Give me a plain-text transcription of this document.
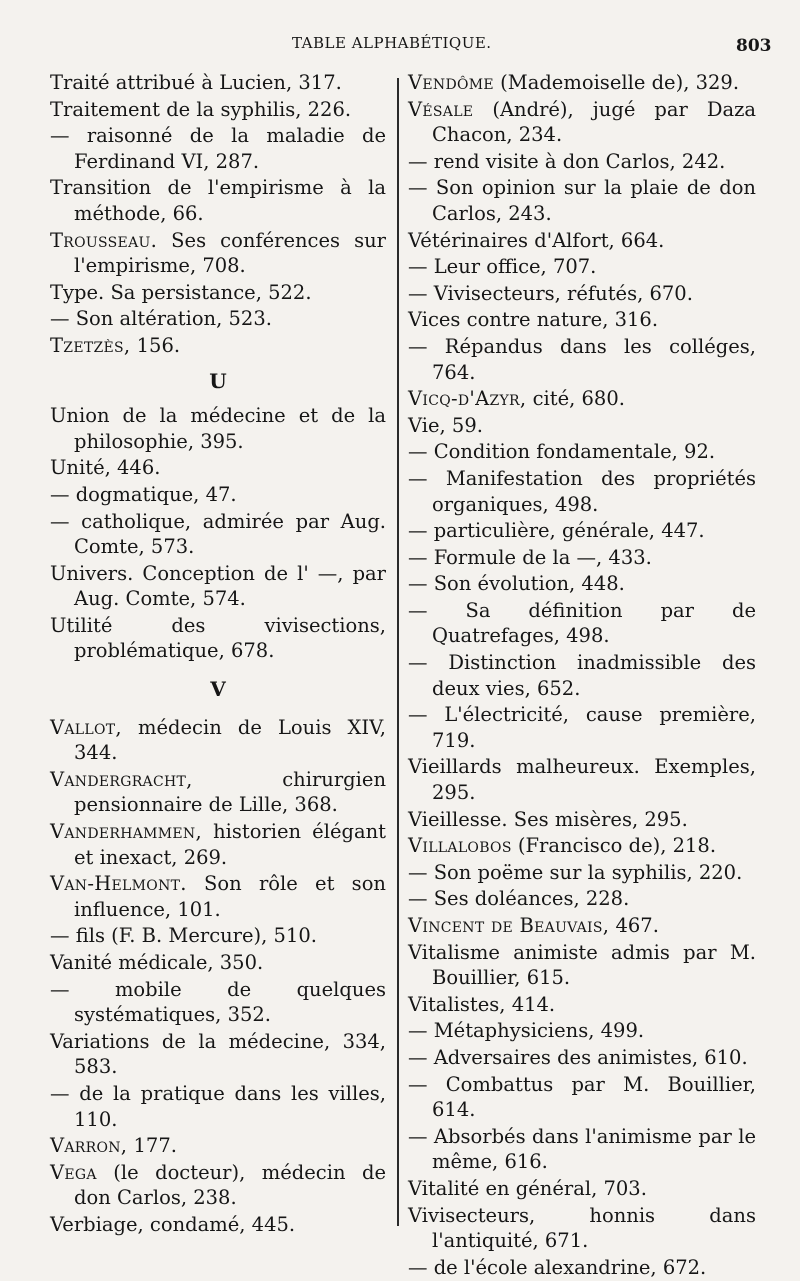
TABLE ALPHABÉTIQUE.	803

Traité attribué à Lucien, 317.

Traitement de la syphilis, 226.

— raisonné de la maladie de Ferdinand VI, 287.

Transition de l'empirisme à la méthode, 66.

Trousseau. Ses conférences sur l'empirisme, 708.

Type. Sa persistance, 522.

— Son altération, 523.

Tzetzès, 156.

U

Union de la médecine et de la philosophie, 395.

Unité, 446.

— dogmatique, 47.

— catholique, admirée par Aug. Comte, 573.

Univers. Conception de l' —, par Aug. Comte, 574.

Utilité des vivisections, problématique, 678.

V

Vallot, médecin de Louis XIV, 344.

Vandergracht, chirurgien pensionnaire de Lille, 368.

Vanderhammen, historien élégant et inexact, 269.

Van-Helmont. Son rôle et son influence, 101.

— fils (F. B. Mercure), 510.

Vanité médicale, 350.

— mobile de quelques systématiques, 352.

Variations de la médecine, 334, 583.

— de la pratique dans les villes, 110.

Varron, 177.

Vega (le docteur), médecin de don Carlos, 238.

Verbiage, condamé, 445.

Vendôme (Mademoiselle de), 329.

Vésale (André), jugé par Daza Chacon, 234.

— rend visite à don Carlos, 242.

— Son opinion sur la plaie de don Carlos, 243.

Vétérinaires d'Alfort, 664.

— Leur office, 707.

— Vivisecteurs, réfutés, 670.

Vices contre nature, 316.

— Répandus dans les colléges, 764.

Vicq-d'Azyr, cité, 680.

Vie, 59.

— Condition fondamentale, 92.

— Manifestation des propriétés organiques, 498.

— particulière, générale, 447.

— Formule de la —, 433.

— Son évolution, 448.

— Sa définition par de Quatrefages, 498.

— Distinction inadmissible des deux vies, 652.

— L'électricité, cause première, 719.

Vieillards malheureux. Exemples, 295.

Vieillesse. Ses misères, 295.

Villalobos (Francisco de), 218.

— Son poëme sur la syphilis, 220.

— Ses doléances, 228.

Vincent de Beauvais, 467.

Vitalisme animiste admis par M. Bouillier, 615.

Vitalistes, 414.

— Métaphysiciens, 499.

— Adversaires des animistes, 610.

— Combattus par M. Bouillier, 614.

— Absorbés dans l'animisme par le même, 616.

Vitalité en général, 703.

Vivisecteurs, honnis dans l'antiquité, 671.

— de l'école alexandrine, 672.
